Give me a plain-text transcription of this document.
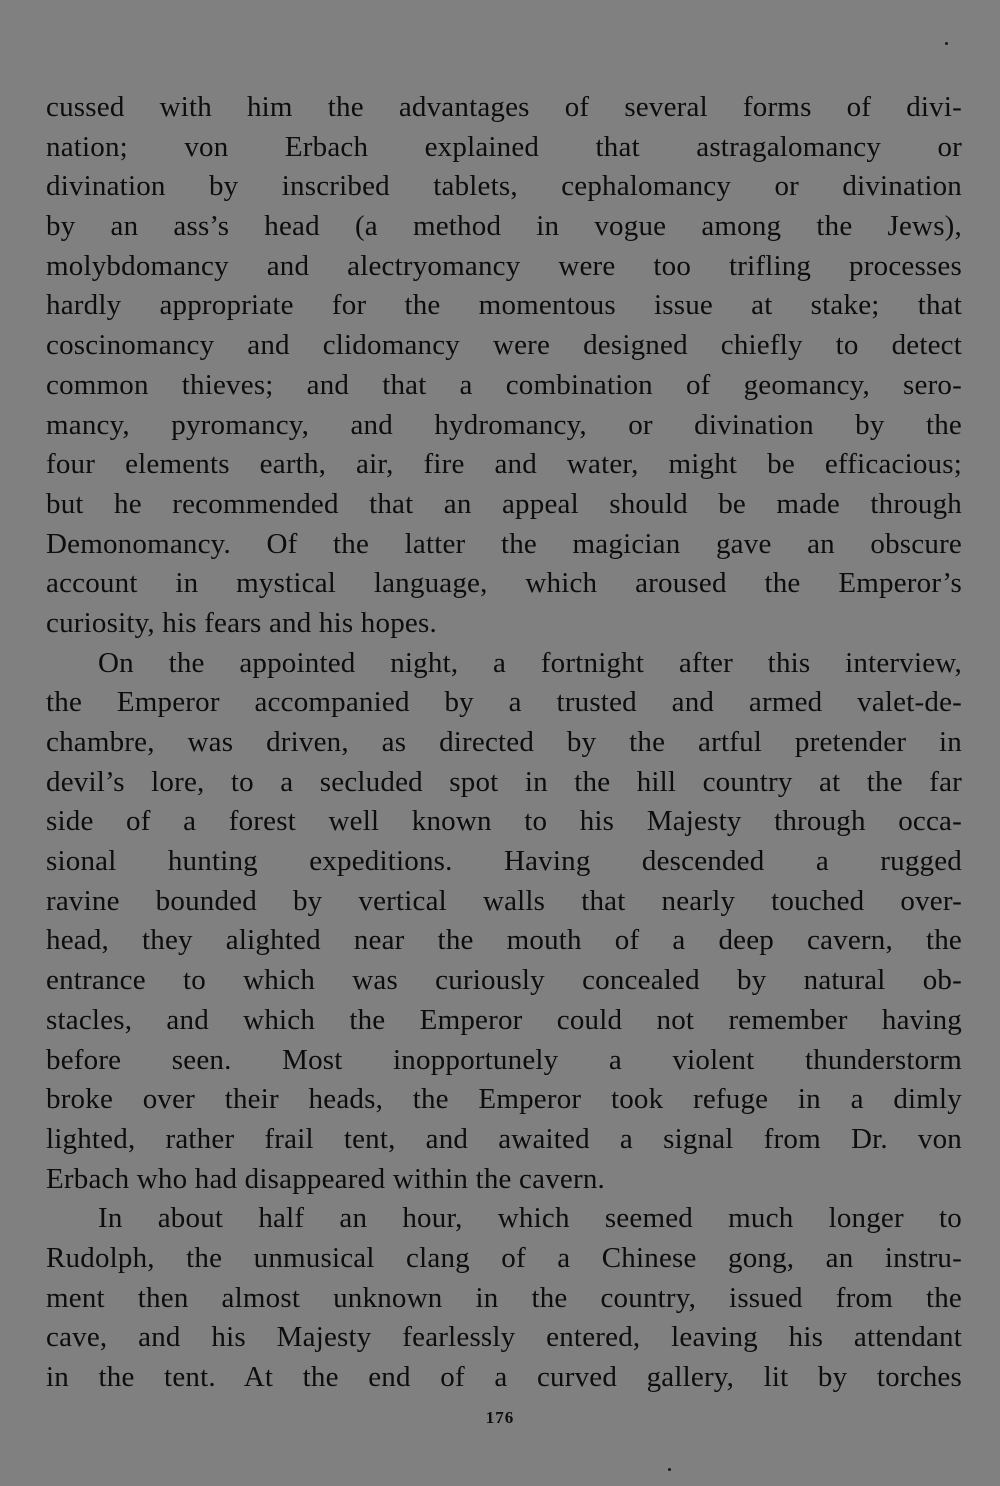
cussed with him the advantages of several forms of divi-
nation; von Erbach explained that astragalomancy or
divination by inscribed tablets, cephalomancy or divination
by an ass’s head (a method in vogue among the Jews),
molybdomancy and alectryomancy were too trifling processes
hardly appropriate for the momentous issue at stake; that
coscinomancy and clidomancy were designed chiefly to detect
common thieves; and that a combination of geomancy, sero-
mancy, pyromancy, and hydromancy, or divination by the
four elements earth, air, fire and water, might be efficacious;
but he recommended that an appeal should be made through
Demonomancy. Of the latter the magician gave an obscure
account in mystical language, which aroused the Emperor’s
curiosity, his fears and his hopes.
On the appointed night, a fortnight after this interview,
the Emperor accompanied by a trusted and armed valet-de-
chambre, was driven, as directed by the artful pretender in
devil’s lore, to a secluded spot in the hill country at the far
side of a forest well known to his Majesty through occa-
sional hunting expeditions. Having descended a rugged
ravine bounded by vertical walls that nearly touched over-
head, they alighted near the mouth of a deep cavern, the
entrance to which was curiously concealed by natural ob-
stacles, and which the Emperor could not remember having
before seen. Most inopportunely a violent thunderstorm
broke over their heads, the Emperor took refuge in a dimly
lighted, rather frail tent, and awaited a signal from Dr. von
Erbach who had disappeared within the cavern.
In about half an hour, which seemed much longer to
Rudolph, the unmusical clang of a Chinese gong, an instru-
ment then almost unknown in the country, issued from the
cave, and his Majesty fearlessly entered, leaving his attendant
in the tent. At the end of a curved gallery, lit by torches
176
